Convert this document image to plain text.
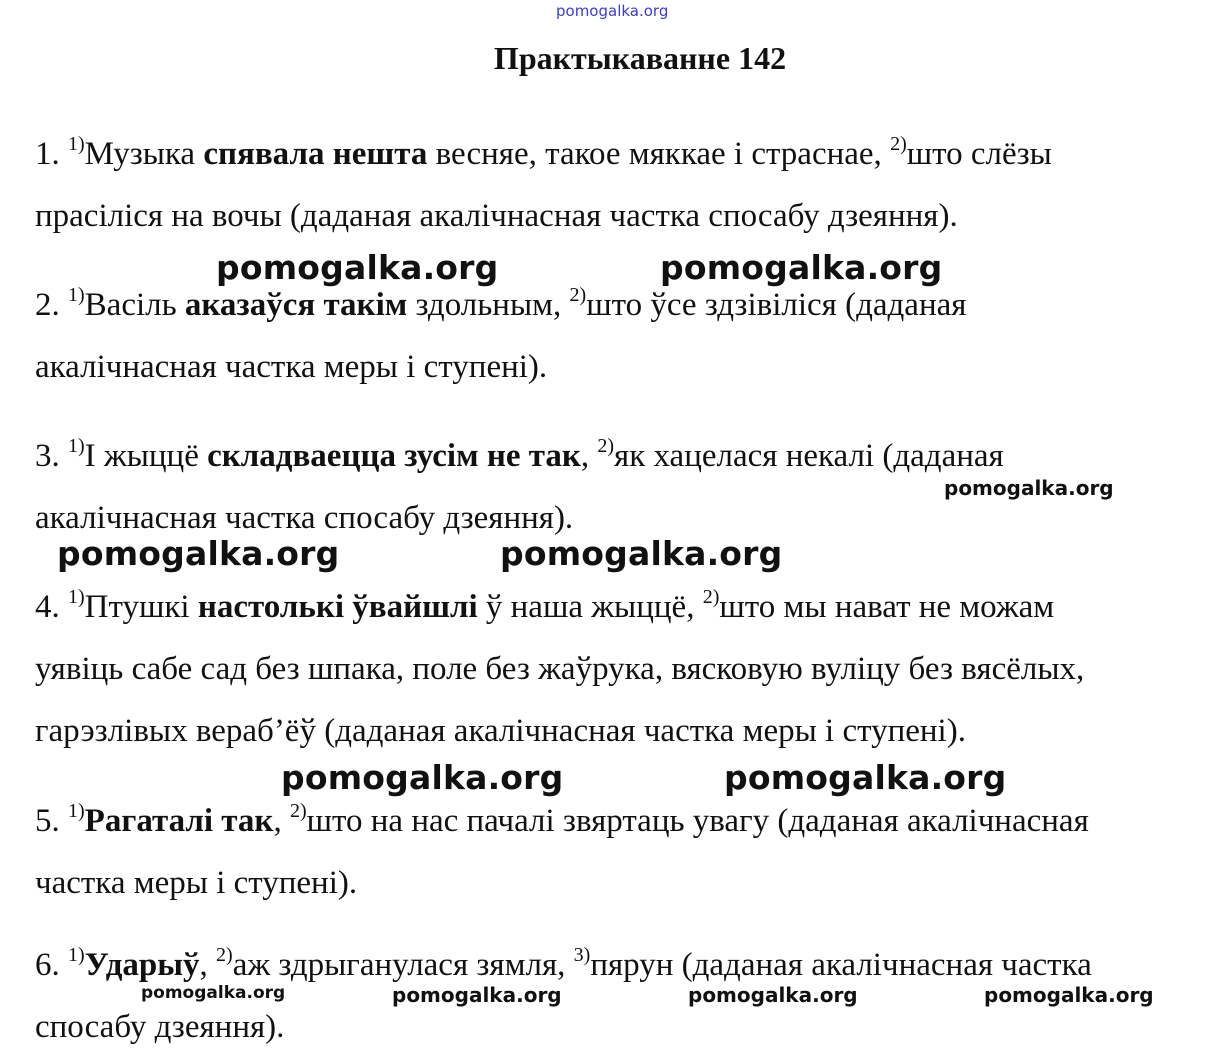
pomogalka.org
Практыкаванне 142
1. $^{1)}$Музыка спявала нешта весняе, такое мяккае і страснае, $^{2)}$што слёзы
прасіліся на вочы (даданая акалічнасная частка спосабу дзеяння).
pomogalka.org	pomogalka.org
2. $^{1)}$Васіль аказаўся такім здольным, $^{2)}$што ўсе здзівіліся (даданая
акалічнасная частка меры і ступені).
3. $^{1)}$І жыццё складваецца зусім не так, $^{2)}$як хацелася некалі (даданая
pomogalka.org
акалічнасная частка спосабу дзеяння).
pomogalka.org	pomogalka.org
4. $^{1)}$Птушкі настолькі ўвайшлі ў наша жыццё, $^{2)}$што мы нават не можам
уявіць сабе сад без шпака, поле без жаўрука, вясковую вуліцу без вясёлых,
гарэзлівых вераб’ёў (даданая акалічнасная частка меры і ступені).
pomogalka.org	pomogalka.org
5. $^{1)}$Рагаталі так, $^{2)}$што на нас пачалі звяртаць увагу (даданая акалічнасная
частка меры і ступені).
6. $^{1)}$Ударыў, $^{2)}$аж здрыганулася зямля, $^{3)}$пярун (даданая акалічнасная частка
pomogalka.org	pomogalka.org	pomogalka.org	pomogalka.org
спосабу дзеяння).
